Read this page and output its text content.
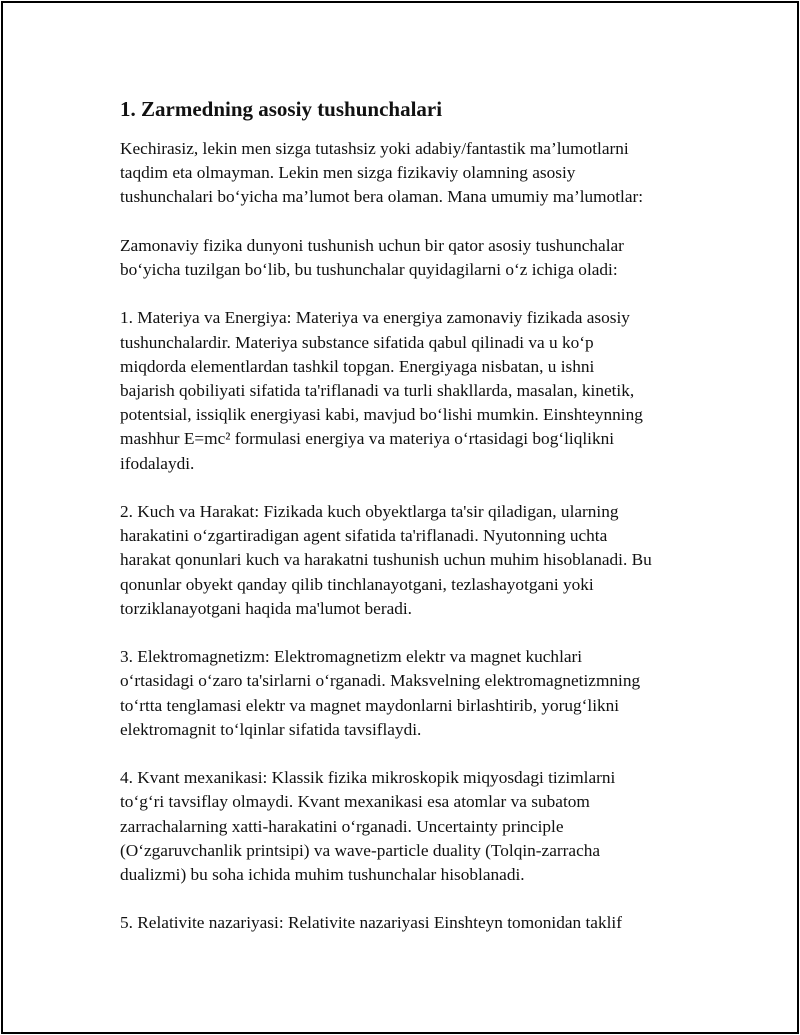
1. Zarmedning asosiy tushunchalari

Kechirasiz, lekin men sizga tutashsiz yoki adabiy/fantastik ma’lumotlarni
taqdim eta olmayman. Lekin men sizga fizikaviy olamning asosiy
tushunchalari bo‘yicha ma’lumot bera olaman. Mana umumiy ma’lumotlar:

Zamonaviy fizika dunyoni tushunish uchun bir qator asosiy tushunchalar
bo‘yicha tuzilgan bo‘lib, bu tushunchalar quyidagilarni o‘z ichiga oladi:

1. Materiya va Energiya: Materiya va energiya zamonaviy fizikada asosiy
tushunchalardir. Materiya substance sifatida qabul qilinadi va u ko‘p
miqdorda elementlardan tashkil topgan. Energiyaga nisbatan, u ishni
bajarish qobiliyati sifatida ta'riflanadi va turli shakllarda, masalan, kinetik,
potentsial, issiqlik energiyasi kabi, mavjud bo‘lishi mumkin. Einshteynning
mashhur E=mc² formulasi energiya va materiya o‘rtasidagi bog‘liqlikni
ifodalaydi.

2. Kuch va Harakat: Fizikada kuch obyektlarga ta'sir qiladigan, ularning
harakatini o‘zgartiradigan agent sifatida ta'riflanadi. Nyutonning uchta
harakat qonunlari kuch va harakatni tushunish uchun muhim hisoblanadi. Bu
qonunlar obyekt qanday qilib tinchlanayotgani, tezlashayotgani yoki
torziklanayotgani haqida ma'lumot beradi.

3. Elektromagnetizm: Elektromagnetizm elektr va magnet kuchlari
o‘rtasidagi o‘zaro ta'sirlarni o‘rganadi. Maksvelning elektromagnetizmning
to‘rtta tenglamasi elektr va magnet maydonlarni birlashtirib, yorug‘likni
elektromagnit to‘lqinlar sifatida tavsiflaydi.

4. Kvant mexanikasi: Klassik fizika mikroskopik miqyosdagi tizimlarni
to‘g‘ri tavsiflay olmaydi. Kvant mexanikasi esa atomlar va subatom
zarrachalarning xatti-harakatini o‘rganadi. Uncertainty principle
(O‘zgaruvchanlik printsipi) va wave-particle duality (Tolqin-zarracha
dualizmi) bu soha ichida muhim tushunchalar hisoblanadi.

5. Relativite nazariyasi: Relativite nazariyasi Einshteyn tomonidan taklif
